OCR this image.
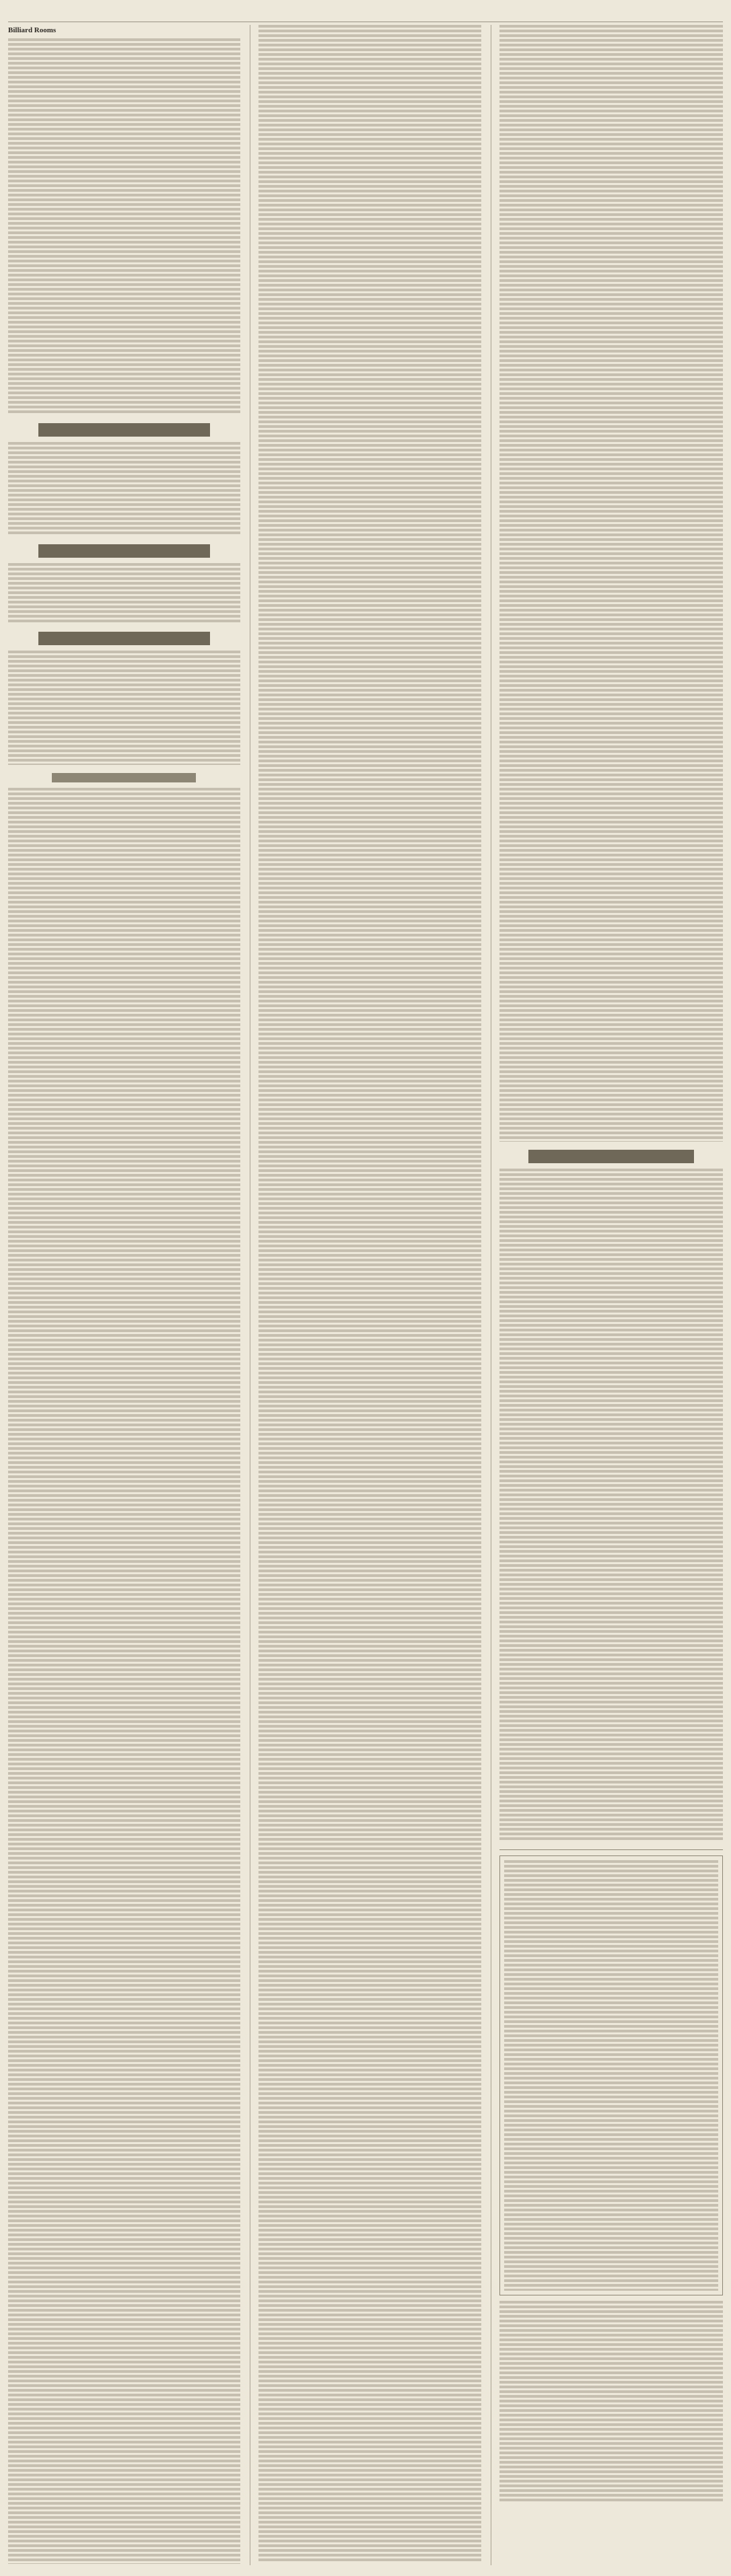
Billiard Rooms
